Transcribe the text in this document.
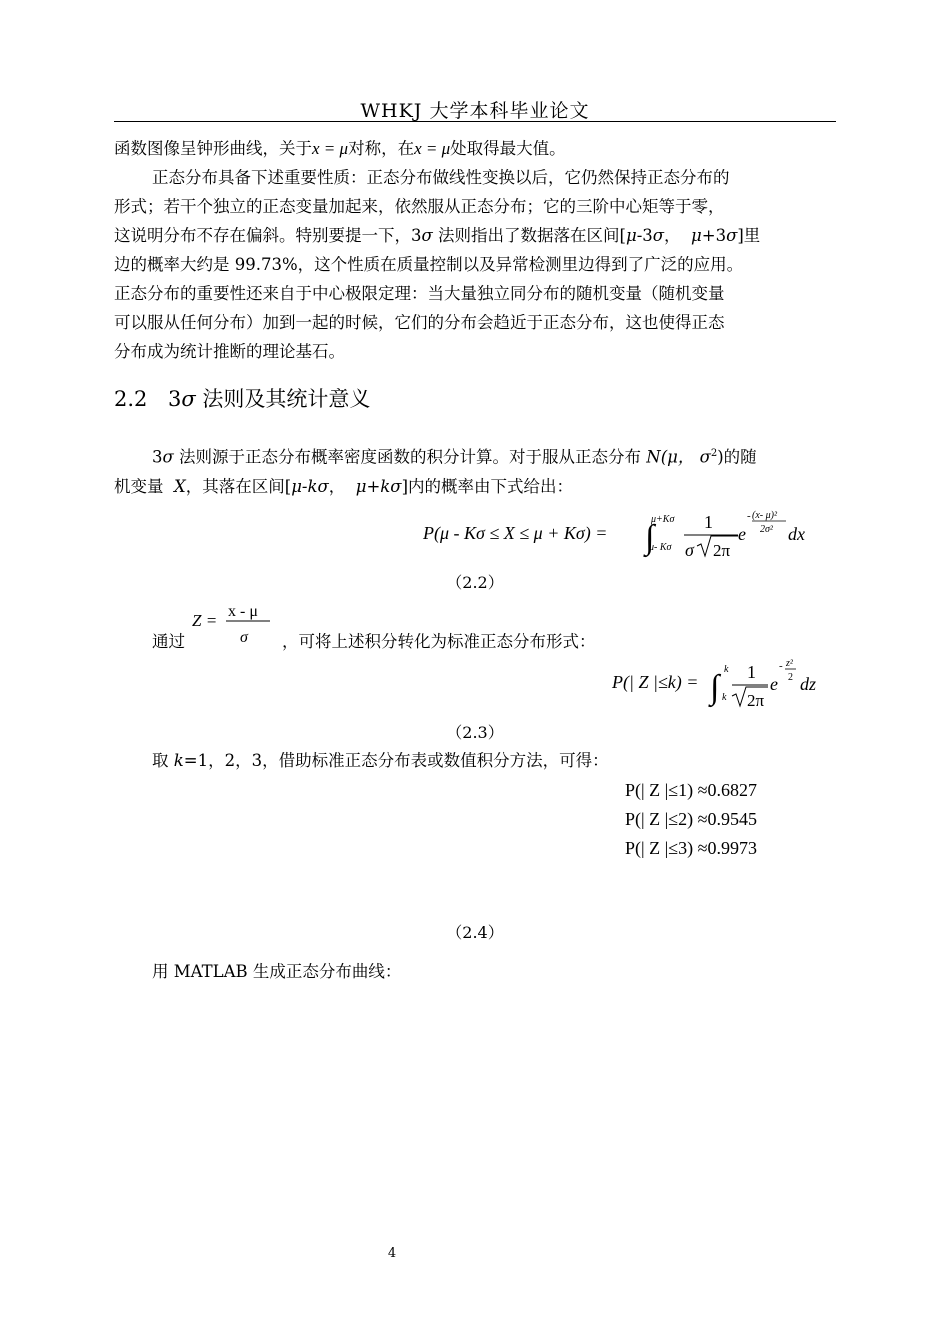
WHKJ 大学本科毕业论文
函数图像呈钟形曲线，关于x = μ对称，在x = μ处取得最大值。
正态分布具备下述重要性质：正态分布做线性变换以后，它仍然保持正态分布的
形式；若干个独立的正态变量加起来，依然服从正态分布；它的三阶中心矩等于零，
这说明分布不存在偏斜。特别要提一下，3σ 法则指出了数据落在区间[μ-3σ，  μ+3σ]里
边的概率大约是 99.73%，这个性质在质量控制以及异常检测里边得到了广泛的应用。
正态分布的重要性还来自于中心极限定理：当大量独立同分布的随机变量（随机变量
可以服从任何分布）加到一起的时候，它们的分布会趋近于正态分布，这也使得正态
分布成为统计推断的理论基石。
2.2 3σ 法则及其统计意义
3σ 法则源于正态分布概率密度函数的积分计算。对于服从正态分布 N(μ， $\sigma^2$)的随
机变量  X，其落在区间[μ-kσ，  μ+kσ]内的概率由下式给出：
P(μ - Kσ ≤ X ≤ μ + Kσ) = ∫
μ+Kσ
μ- Kσ
1
σ 2π
e
- (x- μ)²
2σ² dx
（2.2）
通过
Z = x - μ
σ ，可将上述积分转化为标准正态分布形式：
P(| Z |≤k) = ∫ k
k
1
2π
e
- z²
2 dz
（2.3）
取 k=1，2，3，借助标准正态分布表或数值积分方法，可得：
P(| Z |≤1) ≈0.6827
P(| Z |≤2) ≈0.9545
P(| Z |≤3) ≈0.9973
（2.4）
用 MATLAB 生成正态分布曲线：
4
